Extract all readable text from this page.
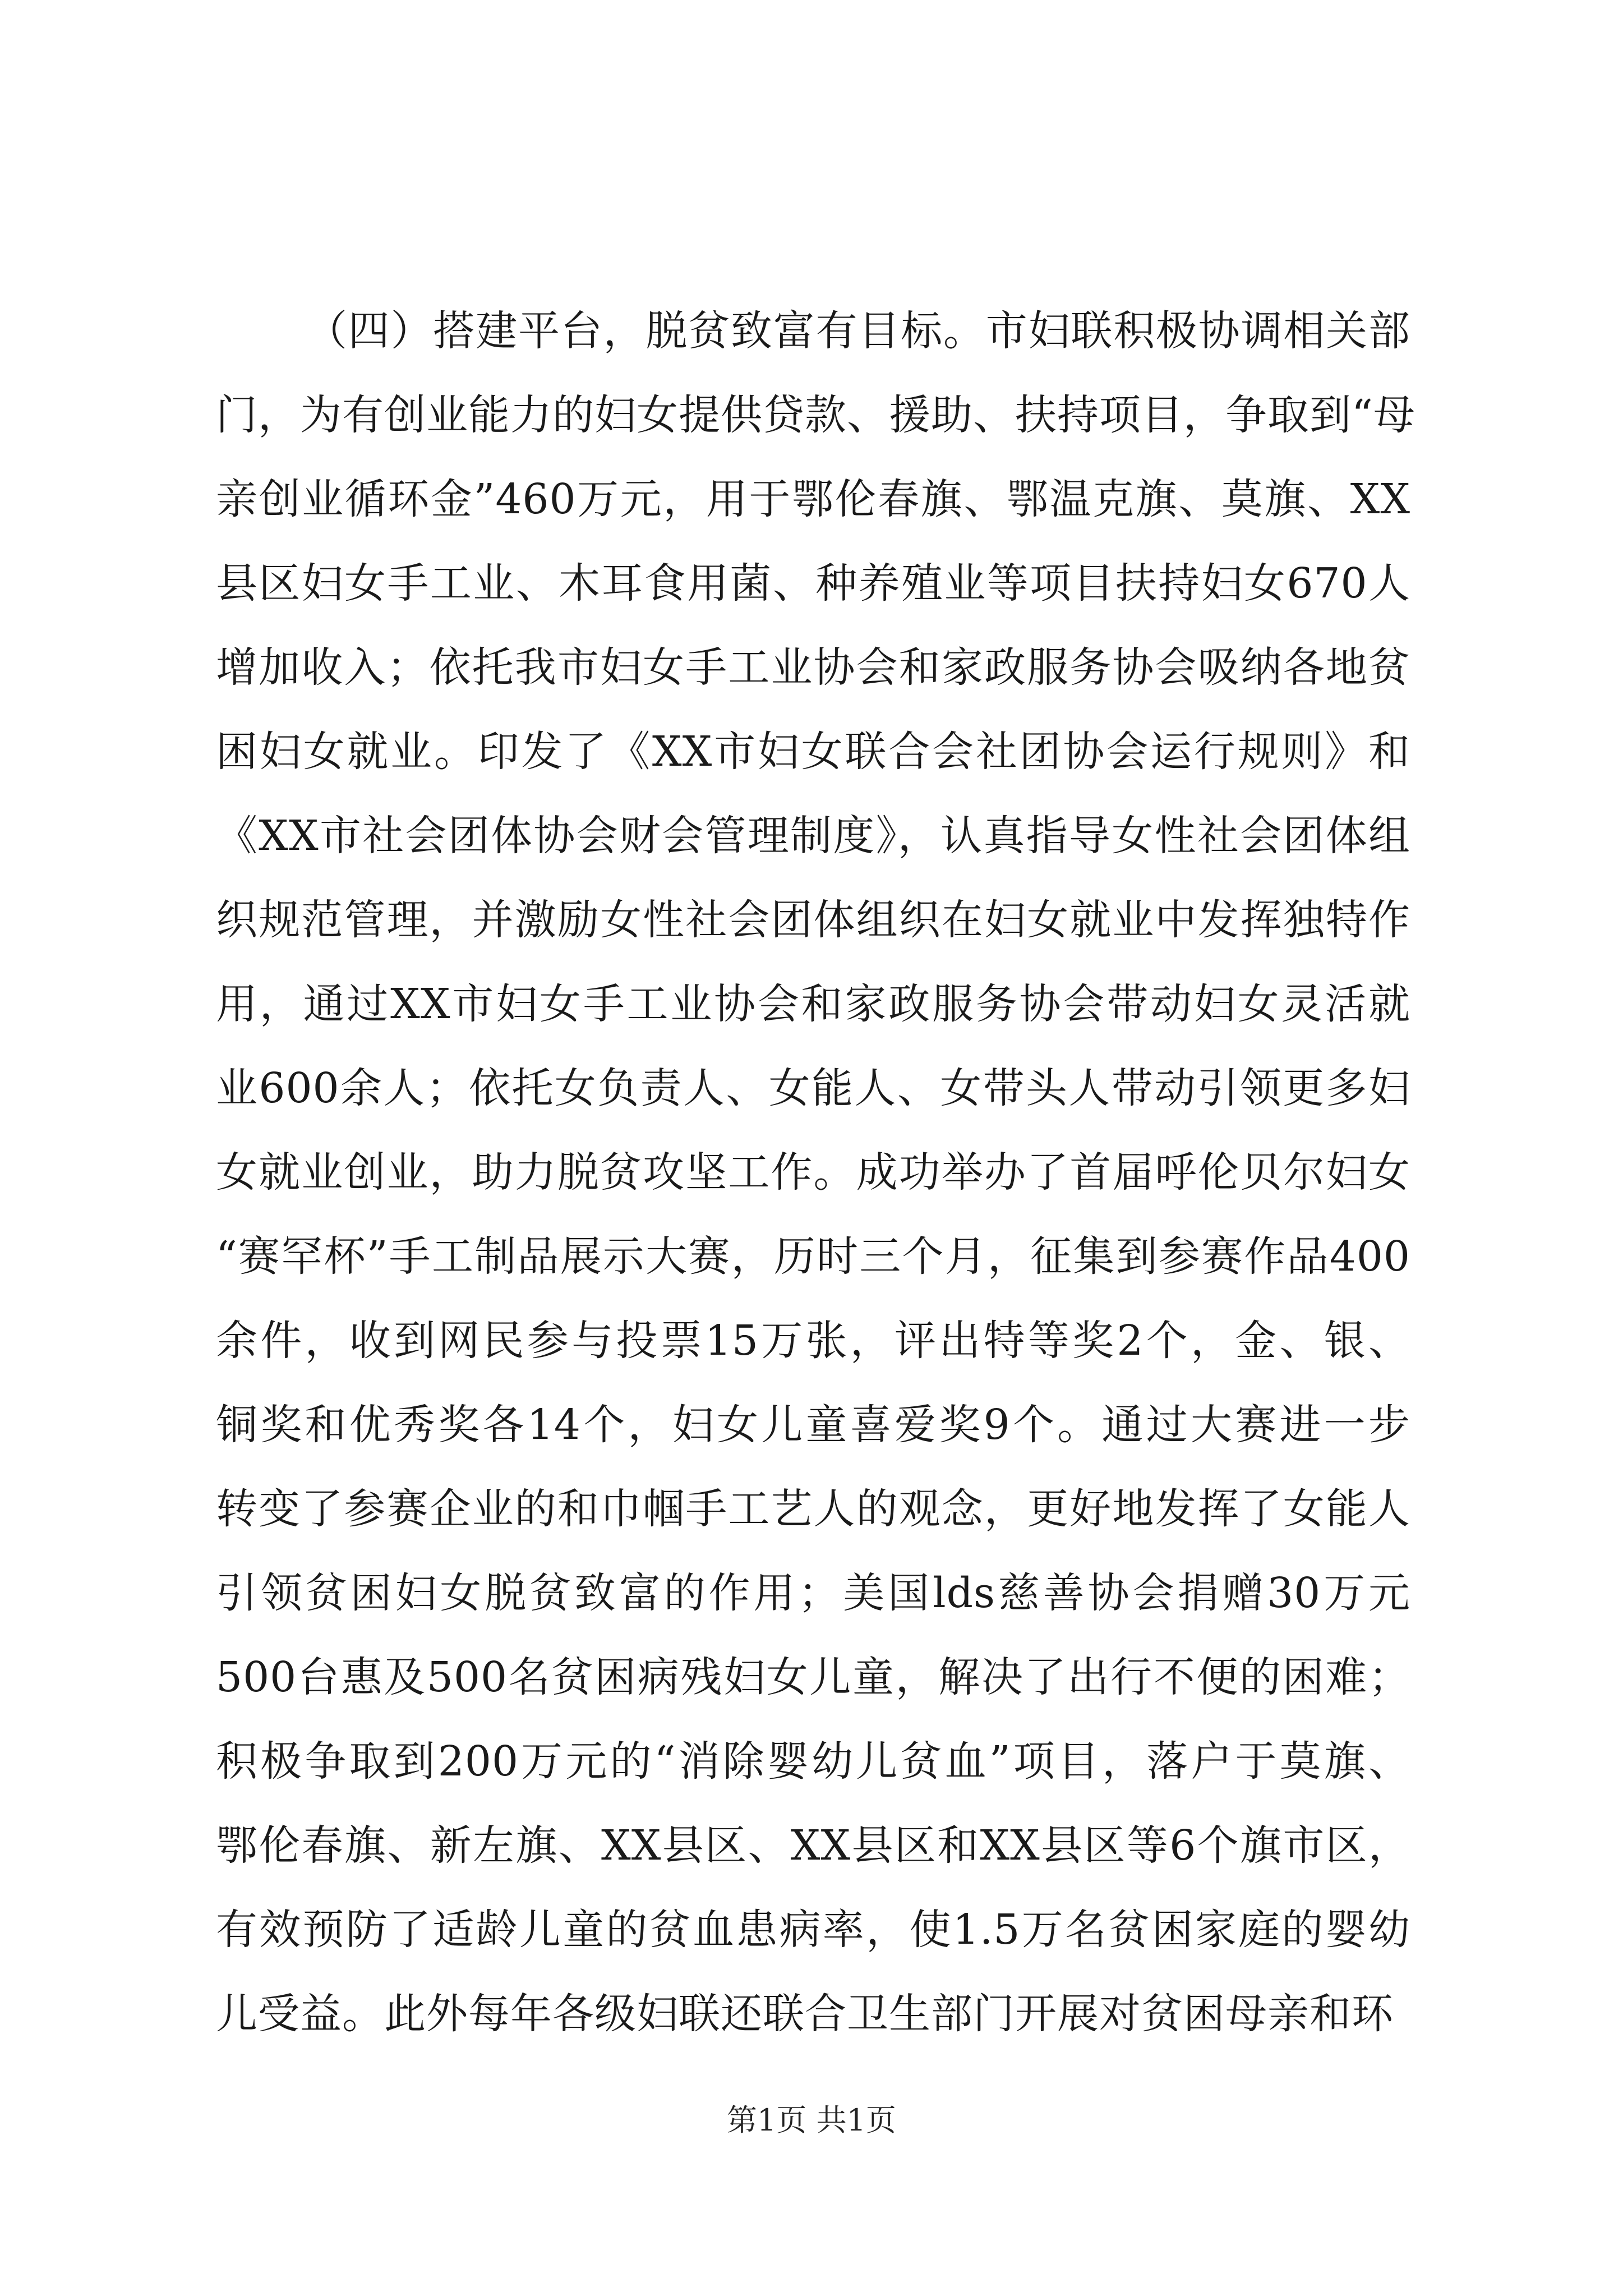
（四）搭建平台，脱贫致富有目标。市妇联积极协调相关部
门，为有创业能力的妇女提供贷款、援助、扶持项目，争取到“母
亲创业循环金”460万元，用于鄂伦春旗、鄂温克旗、莫旗、XX
县区妇女手工业、木耳食用菌、种养殖业等项目扶持妇女670人
增加收入；依托我市妇女手工业协会和家政服务协会吸纳各地贫
困妇女就业。印发了《XX市妇女联合会社团协会运行规则》和
《XX市社会团体协会财会管理制度》，认真指导女性社会团体组
织规范管理，并激励女性社会团体组织在妇女就业中发挥独特作
用，通过XX市妇女手工业协会和家政服务协会带动妇女灵活就
业600余人；依托女负责人、女能人、女带头人带动引领更多妇
女就业创业，助力脱贫攻坚工作。成功举办了首届呼伦贝尔妇女
“赛罕杯”手工制品展示大赛，历时三个月，征集到参赛作品400
余件，收到网民参与投票15万张，评出特等奖2个，金、银、
铜奖和优秀奖各14个，妇女儿童喜爱奖9个。通过大赛进一步
转变了参赛企业的和巾帼手工艺人的观念，更好地发挥了女能人
引领贫困妇女脱贫致富的作用；美国lds慈善协会捐赠30万元
500台惠及500名贫困病残妇女儿童，解决了出行不便的困难；
积极争取到200万元的“消除婴幼儿贫血”项目，落户于莫旗、
鄂伦春旗、新左旗、XX县区、XX县区和XX县区等6个旗市区，
有效预防了适龄儿童的贫血患病率，使1.5万名贫困家庭的婴幼
儿受益。此外每年各级妇联还联合卫生部门开展对贫困母亲和环
第1页 共1页
